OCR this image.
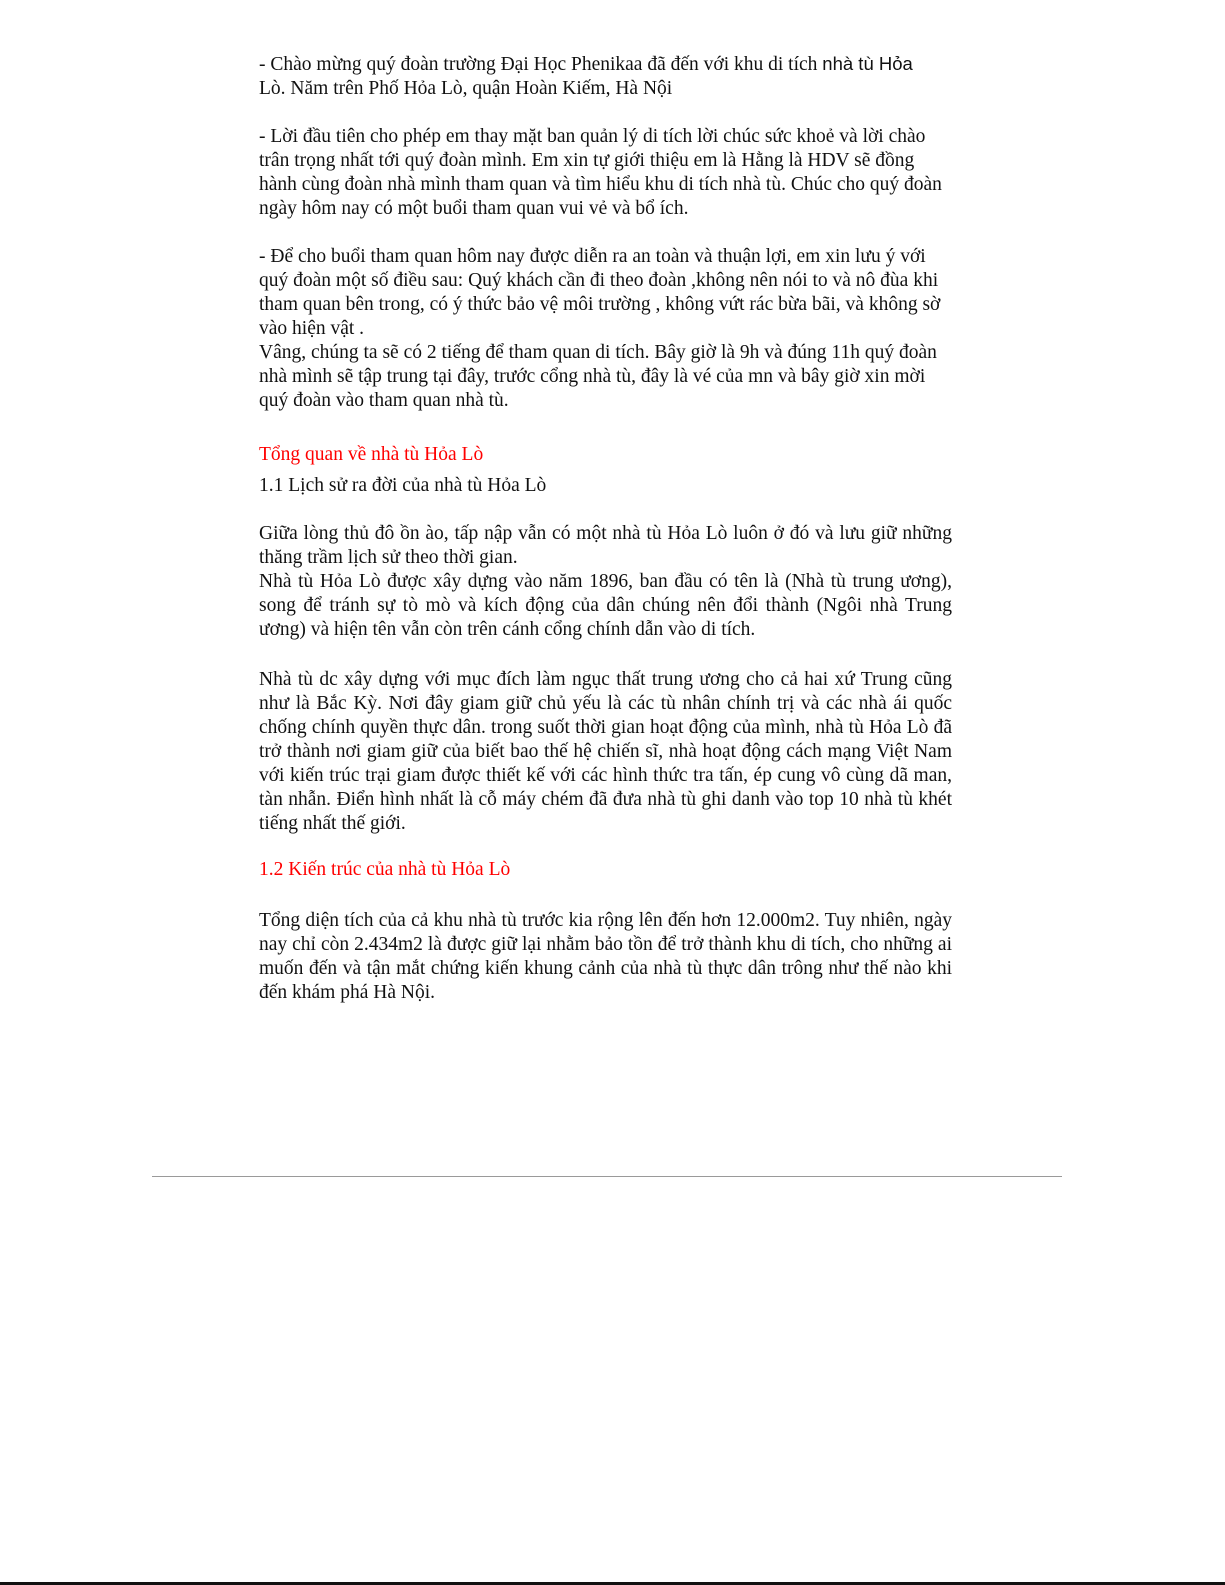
- Chào mừng quý đoàn trường Đại Học Phenikaa đã đến với khu di tích nhà tù Hỏa
Lò. Năm trên Phố Hỏa Lò, quận Hoàn Kiếm, Hà Nội

- Lời đầu tiên cho phép em thay mặt ban quản lý di tích lời chúc sức khoẻ và lời chào trân trọng nhất tới quý đoàn mình. Em xin tự giới thiệu em là Hằng là HDV sẽ đồng hành cùng đoàn nhà mình tham quan và tìm hiểu khu di tích nhà tù. Chúc cho quý đoàn ngày hôm nay có một buổi tham quan vui vẻ và bổ ích.

- Để cho buổi tham quan hôm nay được diễn ra an toàn và thuận lợi, em xin lưu ý với quý đoàn một số điều sau: Quý khách cần đi theo đoàn ,không nên nói to và nô đùa khi tham quan bên trong, có ý thức bảo vệ môi trường , không vứt rác bừa bãi, và không sờ vào hiện vật .

Vâng, chúng ta sẽ có 2 tiếng để tham quan di tích. Bây giờ là 9h và đúng 11h quý đoàn nhà mình sẽ tập trung tại đây, trước cổng nhà tù, đây là vé của mn và bây giờ xin mời quý đoàn vào tham quan nhà tù.

Tổng quan về nhà tù Hỏa Lò

1.1 Lịch sử ra đời của nhà tù Hỏa Lò

Giữa lòng thủ đô ồn ào, tấp nập vẫn có một nhà tù Hỏa Lò luôn ở đó và lưu giữ những thăng trầm lịch sử theo thời gian.

Nhà tù Hỏa Lò được xây dựng vào năm 1896, ban đầu có tên là (Nhà tù trung ương), song để tránh sự tò mò và kích động của dân chúng nên đổi thành (Ngôi nhà Trung ương) và hiện tên vẫn còn trên cánh cổng chính dẫn vào di tích.

Nhà tù dc xây dựng với mục đích làm ngục thất trung ương cho cả hai xứ Trung cũng như là Bắc Kỳ. Nơi đây giam giữ chủ yếu là các tù nhân chính trị và các nhà ái quốc chống chính quyền thực dân. trong suốt thời gian hoạt động của mình, nhà tù Hỏa Lò đã trở thành nơi giam giữ của biết bao thế hệ chiến sĩ, nhà hoạt động cách mạng Việt Nam với kiến trúc trại giam được thiết kế với các hình thức tra tấn, ép cung vô cùng dã man, tàn nhẫn. Điển hình nhất là cỗ máy chém đã đưa nhà tù ghi danh vào top 10 nhà tù khét tiếng nhất thế giới.

1.2 Kiến trúc của nhà tù Hỏa Lò

Tổng diện tích của cả khu nhà tù trước kia rộng lên đến hơn 12.000m2. Tuy nhiên, ngày nay chỉ còn 2.434m2 là được giữ lại nhằm bảo tồn để trở thành khu di tích, cho những ai muốn đến và tận mắt chứng kiến khung cảnh của nhà tù thực dân trông như thế nào khi đến khám phá Hà Nội.
